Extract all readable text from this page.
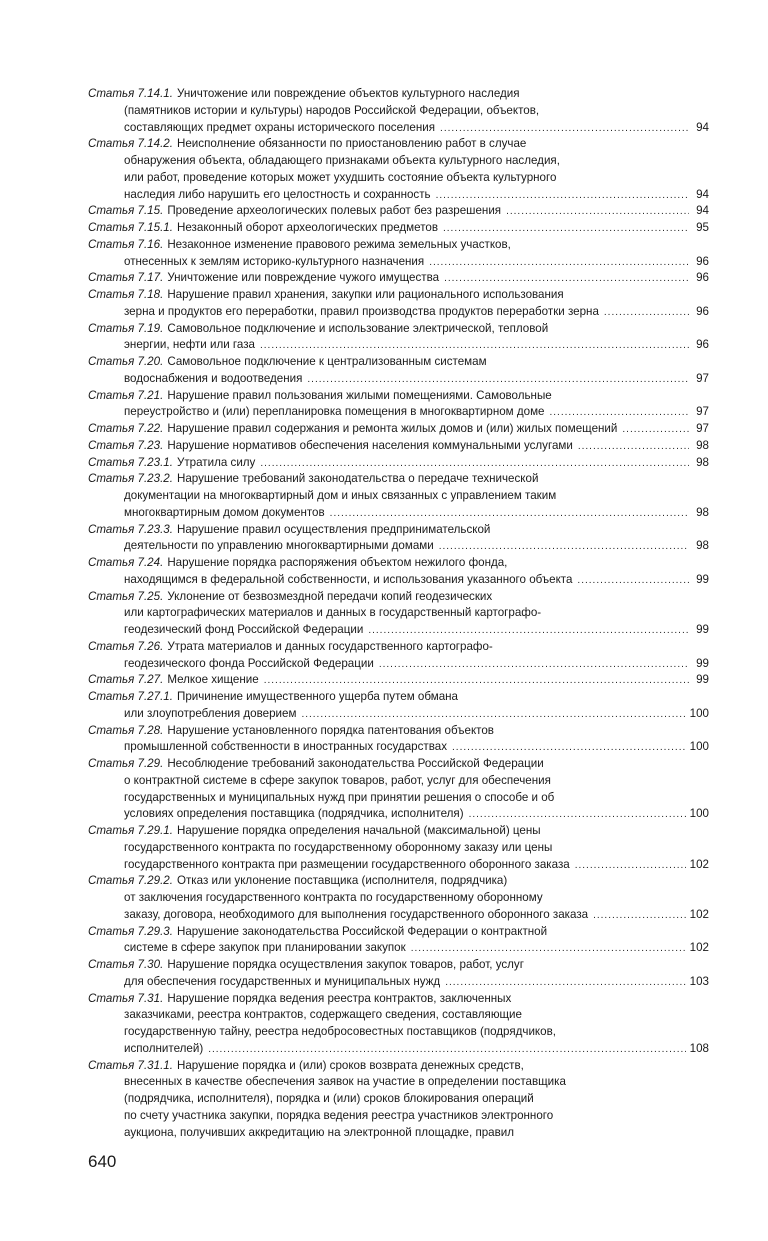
Статья 7.14.1. Уничтожение или повреждение объектов культурного наследия
(памятников истории и культуры) народов Российской Федерации, объектов,
составляющих предмет охраны исторического поселения .....	94
Статья 7.14.2. Неисполнение обязанности по приостановлению работ в случае
обнаружения объекта, обладающего признаками объекта культурного наследия,
или работ, проведение которых может ухудшить состояние объекта культурного
наследия либо нарушить его целостность и сохранность .....	94
Статья 7.15. Проведение археологических полевых работ без разрешения .....	94
Статья 7.15.1. Незаконный оборот археологических предметов .....	95
Статья 7.16. Незаконное изменение правового режима земельных участков,
отнесенных к землям историко-культурного назначения .....	96
Статья 7.17. Уничтожение или повреждение чужого имущества .....	96
Статья 7.18. Нарушение правил хранения, закупки или рационального использования
зерна и продуктов его переработки, правил производства продуктов переработки зерна .....	96
Статья 7.19. Самовольное подключение и использование электрической, тепловой
энергии, нефти или газа .....	96
Статья 7.20. Самовольное подключение к централизованным системам
водоснабжения и водоотведения .....	97
Статья 7.21. Нарушение правил пользования жилыми помещениями. Самовольные
переустройство и (или) перепланировка помещения в многоквартирном доме .....	97
Статья 7.22. Нарушение правил содержания и ремонта жилых домов и (или) жилых помещений .....	97
Статья 7.23. Нарушение нормативов обеспечения населения коммунальными услугами .....	98
Статья 7.23.1. Утратила силу .....	98
Статья 7.23.2. Нарушение требований законодательства о передаче технической
документации на многоквартирный дом и иных связанных с управлением таким
многоквартирным домом документов .....	98
Статья 7.23.3. Нарушение правил осуществления предпринимательской
деятельности по управлению многоквартирными домами .....	98
Статья 7.24. Нарушение порядка распоряжения объектом нежилого фонда,
находящимся в федеральной собственности, и использования указанного объекта .....	99
Статья 7.25. Уклонение от безвозмездной передачи копий геодезических
или картографических материалов и данных в государственный картографо-
геодезический фонд Российской Федерации .....	99
Статья 7.26. Утрата материалов и данных государственного картографо-
геодезического фонда Российской Федерации .....	99
Статья 7.27. Мелкое хищение .....	99
Статья 7.27.1. Причинение имущественного ущерба путем обмана
или злоупотребления доверием .....	100
Статья 7.28. Нарушение установленного порядка патентования объектов
промышленной собственности в иностранных государствах .....	100
Статья 7.29. Несоблюдение требований законодательства Российской Федерации
о контрактной системе в сфере закупок товаров, работ, услуг для обеспечения
государственных и муниципальных нужд при принятии решения о способе и об
условиях определения поставщика (подрядчика, исполнителя) .....	100
Статья 7.29.1. Нарушение порядка определения начальной (максимальной) цены
государственного контракта по государственному оборонному заказу или цены
государственного контракта при размещении государственного оборонного заказа .....	102
Статья 7.29.2. Отказ или уклонение поставщика (исполнителя, подрядчика)
от заключения государственного контракта по государственному оборонному
заказу, договора, необходимого для выполнения государственного оборонного заказа .....	102
Статья 7.29.3. Нарушение законодательства Российской Федерации о контрактной
системе в сфере закупок при планировании закупок .....	102
Статья 7.30. Нарушение порядка осуществления закупок товаров, работ, услуг
для обеспечения государственных и муниципальных нужд .....	103
Статья 7.31. Нарушение порядка ведения реестра контрактов, заключенных
заказчиками, реестра контрактов, содержащего сведения, составляющие
государственную тайну, реестра недобросовестных поставщиков (подрядчиков,
исполнителей) .....	108
Статья 7.31.1. Нарушение порядка и (или) сроков возврата денежных средств,
внесенных в качестве обеспечения заявок на участие в определении поставщика
(подрядчика, исполнителя), порядка и (или) сроков блокирования операций
по счету участника закупки, порядка ведения реестра участников электронного
аукциона, получивших аккредитацию на электронной площадке, правил
640
